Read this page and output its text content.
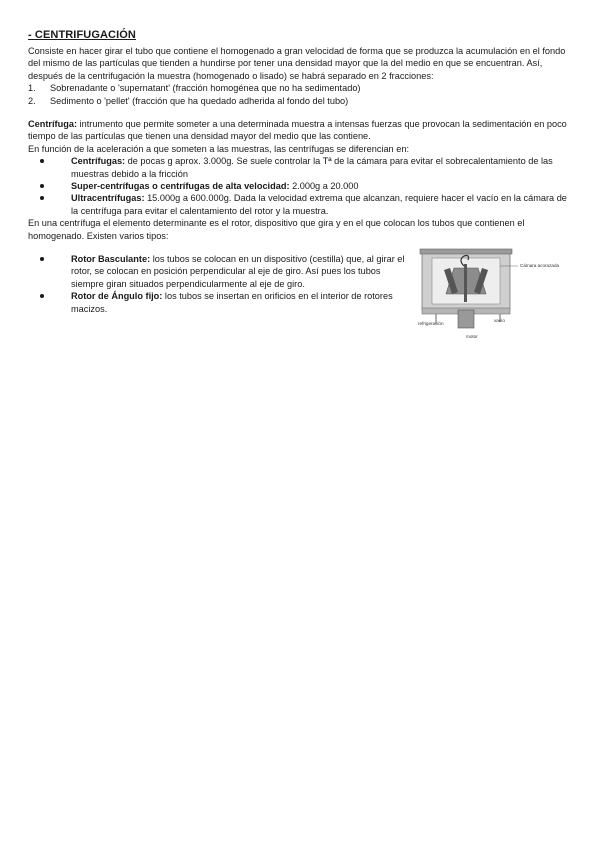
- CENTRIFUGACIÓN

Consiste en hacer girar el tubo que contiene el homogenado a gran velocidad de forma que se produzca la acumulación en el fondo del mismo de las partículas que tienden a hundirse por tener una densidad mayor que la del medio en que se encuentran. Así, después de la centrifugación la muestra (homogenado o lisado) se habrá separado en 2 fracciones:

1. Sobrenadante o 'supernatant' (fracción homogénea que no ha sedimentado)
2. Sedimento o 'pellet' (fracción que ha quedado adherida al fondo del tubo)

Centrífuga: intrumento que permite someter a una determinada muestra a intensas fuerzas que provocan la sedimentación en poco tiempo de las partículas que tienen una densidad mayor del medio que las contiene.

En función de la aceleración a que someten a las muestras, las centrífugas se diferencian en:

Centrífugas: de pocas g aprox. 3.000g. Se suele controlar la Tª de la cámara para evitar el sobrecalentamiento de las muestras debido a la fricción
Super-centrífugas o centrífugas de alta velocidad: 2.000g a 20.000
Ultracentrífugas: 15.000g a 600.000g. Dada la velocidad extrema que alcanzan, requiere hacer el vacío en la cámara de la centrífuga para evitar el calentamiento del rotor y la muestra.

En una centrífuga el elemento determinante es el rotor, dispositivo que gira y en el que colocan los tubos que contienen el homogenado. Existen varios tipos:

Rotor Basculante: los tubos se colocan en un dispositivo (cestilla) que, al girar el rotor, se colocan en posición perpendicular al eje de giro. Así pues los tubos siempre giran situados perpendicularmente al eje de giro.
Rotor de Ángulo fijo: los tubos se insertan en orificios en el interior de rotores macizos.
Cámara acorazada
refrigeración
vacío
motor
